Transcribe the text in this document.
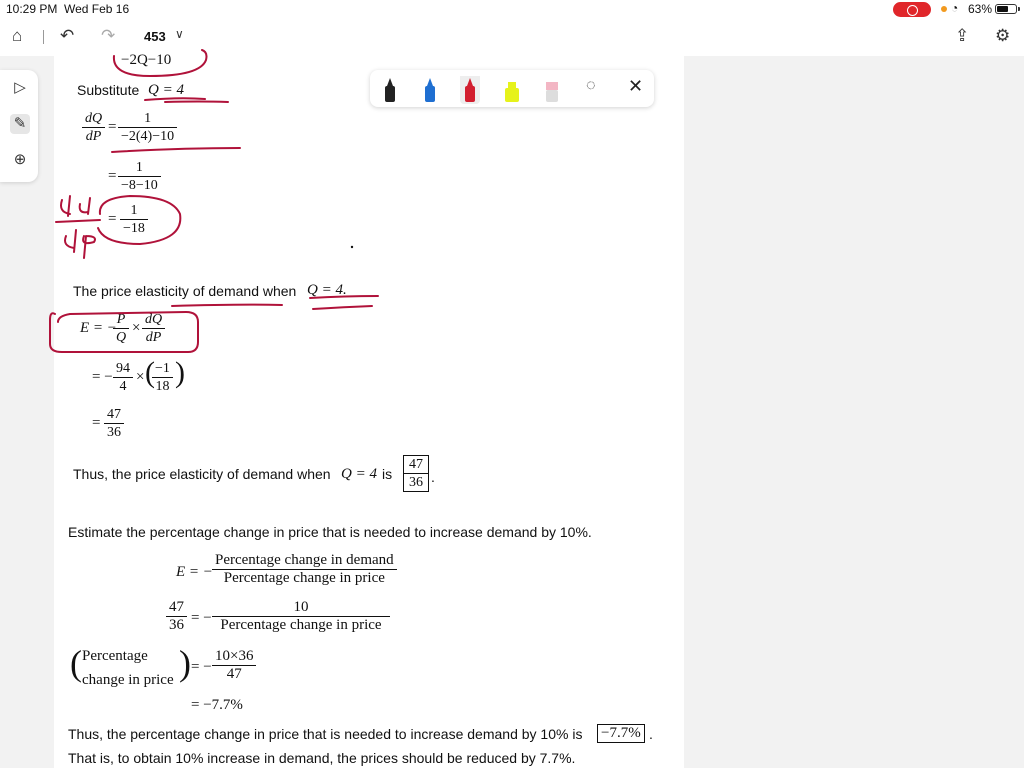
10:29 PM Wed Feb 16	◔ 63%
⌂ ↶ ↷ 453 ∨	⇪ ⚙
▷
✎
⊕
◌ ✕
−2Q−10
Substitute Q = 4
$\frac{dQ}{dP} = \frac{1}{-2(4)-10}$
= $\frac{1}{-8-10}$
= $\frac{1}{-18}$
The price elasticity of demand when Q = 4.
E = −
$\frac{P}{Q} \times \frac{dQ}{dP}$
= − $\frac{94}{4}$ × (
$\frac{-1}{18}$ )
= $\frac{47}{36}$
Thus, the price elasticity of demand when Q = 4 is $\frac{47}{36}$ .
Estimate the percentage change in price that is needed to increase demand by 10%.
E = −
Percentage change in demand
Percentage change in price
$\frac{47}{36}$ = −
10
Percentage change in price
( Percentage
change in price ) = − $\frac{10\times 36}{47}$
= −7.7%
Thus, the percentage change in price that is needed to increase demand by 10% is −7.7% .
That is, to obtain 10% increase in demand, the prices should be reduced by 7.7%.
